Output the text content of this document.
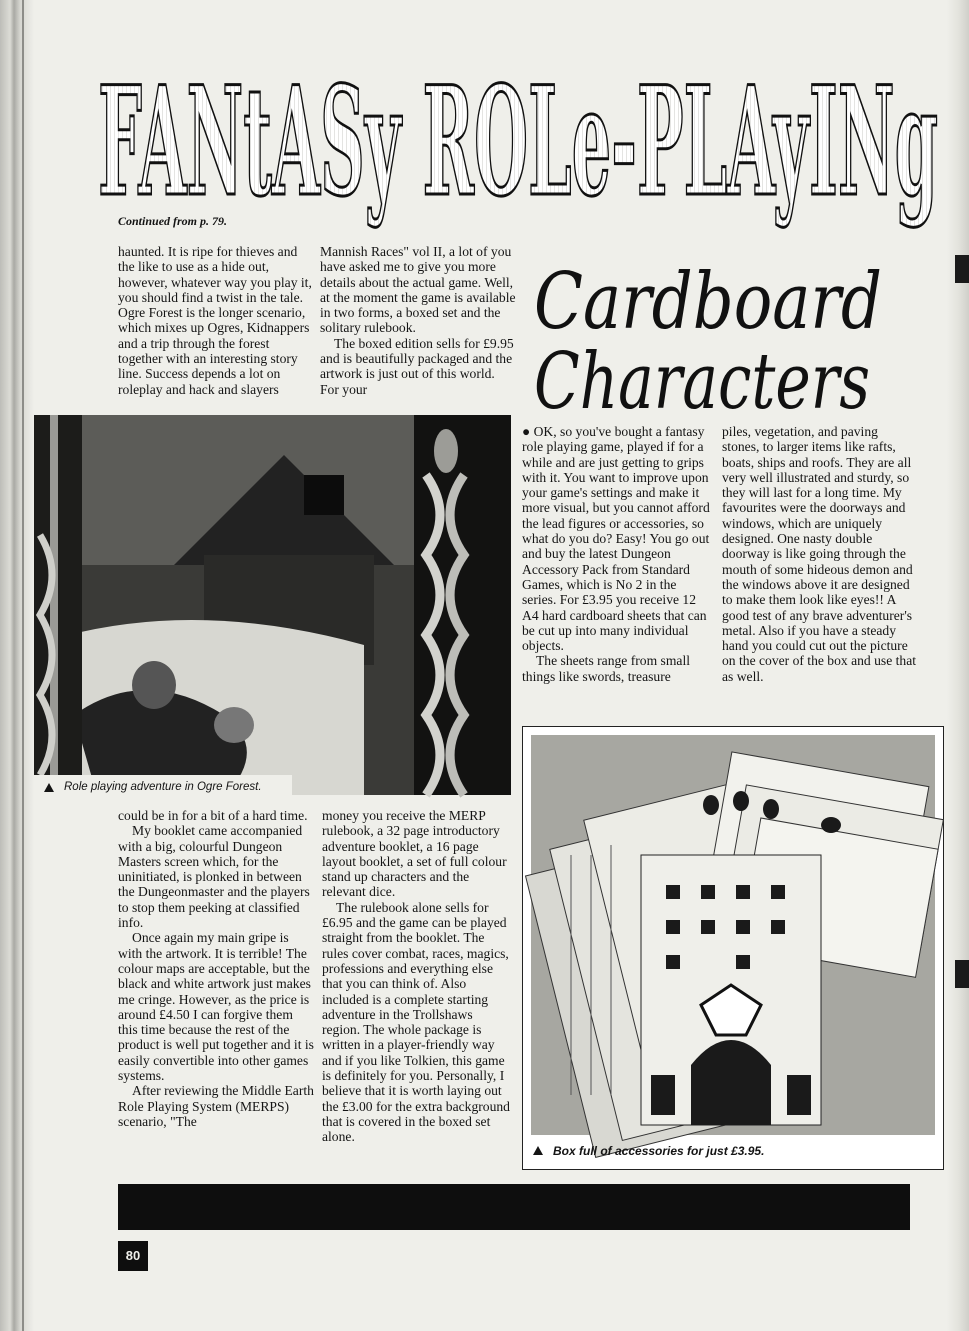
FANtASy ROLe-PLAyINg
Continued from p. 79.

haunted. It is ripe for thieves and the like to use as a hide out, however, whatever way you play it, you should find a twist in the tale. Ogre Forest is the longer scenario, which mixes up Ogres, Kidnappers and a trip through the forest together with an interesting story line. Success depends a lot on roleplay and hack and slayers

Mannish Races" vol II, a lot of you have asked me to give you more details about the actual game. Well, at the moment the game is available in two forms, a boxed set and the solitary rulebook.

The boxed edition sells for £9.95 and is beautifully packaged and the artwork is just out of this world. For your

Cardboard
Characters

● OK, so you've bought a fantasy role playing game, played if for a while and are just getting to grips with it. You want to improve upon your game's settings and make it more visual, but you cannot afford the lead figures or accessories, so what do you do? Easy! You go out and buy the latest Dungeon Accessory Pack from Standard Games, which is No 2 in the series. For £3.95 you receive 12 A4 hard cardboard sheets that can be cut up into many individual objects.

The sheets range from small things like swords, treasure

piles, vegetation, and paving stones, to larger items like rafts, boats, ships and roofs. They are all very well illustrated and sturdy, so they will last for a long time. My favourites were the doorways and windows, which are uniquely designed. One nasty double doorway is like going through the mouth of some hideous demon and the windows above it are designed to make them look like eyes!! A good test of any brave adventurer's metal. Also if you have a steady hand you could cut out the picture on the cover of the box and use that as well.

Role playing adventure in Ogre Forest.
Box full of accessories for just £3.95.

could be in for a bit of a hard time.

My booklet came accompanied with a big, colourful Dungeon Masters screen which, for the uninitiated, is plonked in between the Dungeonmaster and the players to stop them peeking at classified info.

Once again my main gripe is with the artwork. It is terrible! The colour maps are acceptable, but the black and white artwork just makes me cringe. However, as the price is around £4.50 I can forgive them this time because the rest of the product is well put together and it is easily convertible into other games systems.

After reviewing the Middle Earth Role Playing System (MERPS) scenario, "The

money you receive the MERP rulebook, a 32 page introductory adventure booklet, a 16 page layout booklet, a set of full colour stand up characters and the relevant dice.

The rulebook alone sells for £6.95 and the game can be played straight from the booklet. The rules cover combat, races, magics, professions and everything else that you can think of. Also included is a complete starting adventure in the Trollshaws region. The whole package is written in a player-friendly way and if you like Tolkien, this game is definitely for you. Personally, I believe that it is worth laying out the £3.00 for the extra background that is covered in the boxed set alone.

80
